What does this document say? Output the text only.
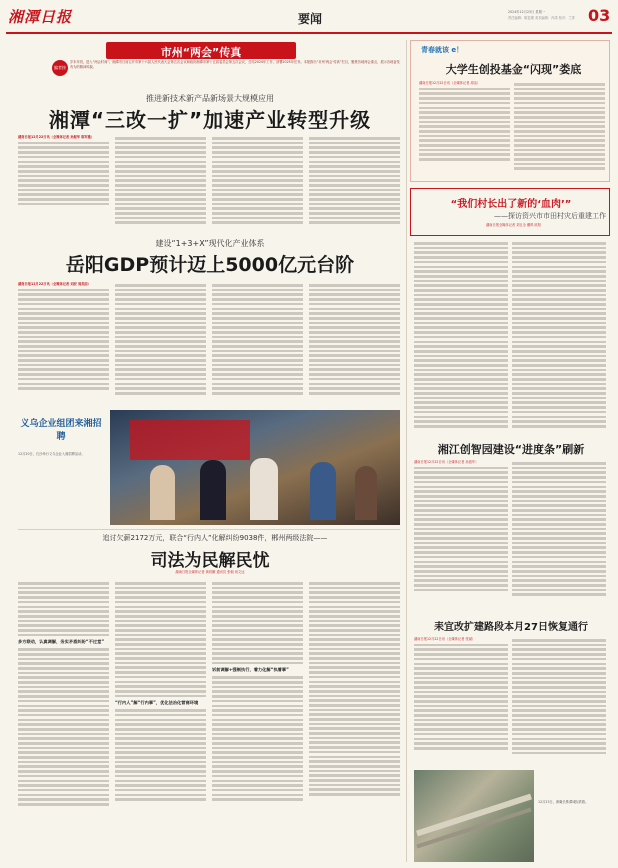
湘潭日报	要闻	2024年12月23日 星期一
责任编辑：陈雯瑾 美术编辑：肖漾 校对：兰青 03
市州“两会”传真
编者按
岁末年初，进入“两会时间”。湘潭市日前召开市第十六届人民代表大会第五次会议和政协湘潭市第十五届委员会第五次会议，总结2024年工作，部署2025年任务。本报推出“市州‘两会’传真”栏目，聚焦各地两会重点，展示各地奋发有为的精神风貌。
推进新技术新产品新场景大规模应用
湘潭“三改一扩”加速产业转型升级
湖南日报12月22日讯（全媒体记者 孙振华 陈军雅）
建设“1+3+X”现代化产业体系
岳阳GDP预计迈上5000亿元台阶
湖南日报12月22日讯（全媒体记者 刘辰 周英如）
义乌企业组团来湘招聘
12月20日，长沙举行义乌企业入湘招聘活动。
青春就该 e！
大学生创投基金“闪现”娄底
湖南日报12月22日讯（全媒体记者 周洁）
“我们村长出了新的‘血肉’”
——探访资兴市市田村灾后重建工作
湖南日报全媒体记者 刘玉全 戴鸣 欧阳
湘江创智园建设“进度条”刷新
湖南日报12月22日讯（全媒体记者 孙振华）
追讨欠薪2172万元，联合“行内人”化解纠纷9038件，郴州两级法院——
司法为民解民忧
湖南日报全媒体记者 黄叔鹏 通讯员 张朝 何文达
多方联动，认真调解，务实矛盾纠纷“不过堂”
“行内人”解“行内事”，优化法治化营商环境
诉前调解+强制执行，着力化解“执着事”
耒宜改扩建路段本月27日恢复通行
湖南日报12月22日讯（全媒体记者 张斌）
12月23日，俯瞰长株潭城际铁路。
